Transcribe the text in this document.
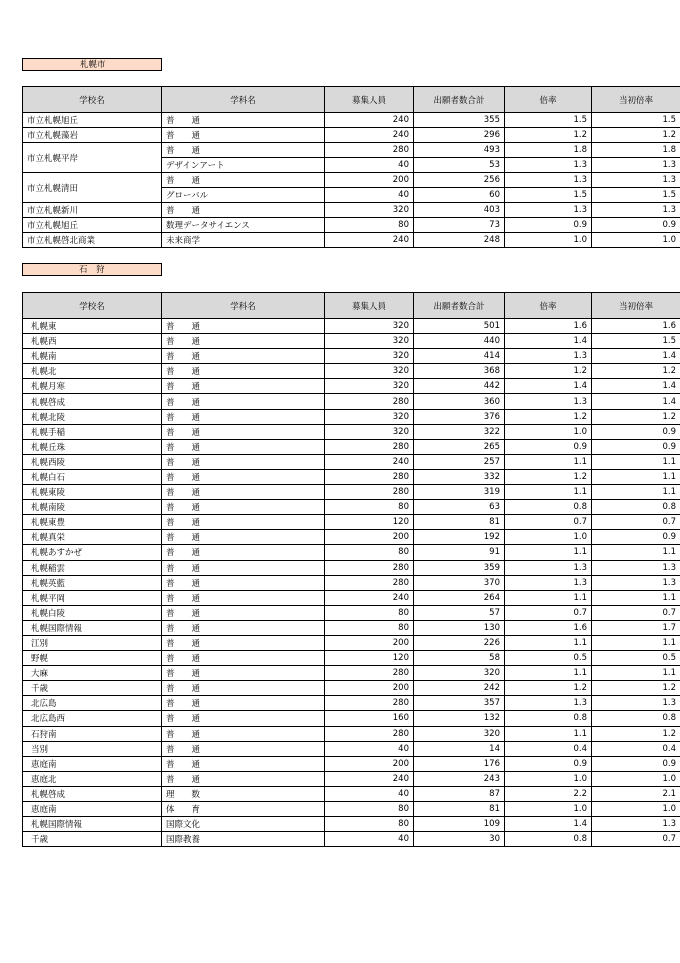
札幌市
学校名	学科名	募集人員	出願者数合計	倍率	当初倍率
市立札幌旭丘	普　　通	240	355	1.5	1.5
市立札幌藻岩	普　　通	240	296	1.2	1.2
市立札幌平岸	普　　通	280	493	1.8	1.8
	デザインアート	40	53	1.3	1.3
市立札幌清田	普　　通	200	256	1.3	1.3
	グローバル	40	60	1.5	1.5
市立札幌新川	普　　通	320	403	1.3	1.3
市立札幌旭丘	数理データサイエンス	80	73	0.9	0.9
市立札幌啓北商業	未来商学	240	248	1.0	1.0
石　狩
学校名	学科名	募集人員	出願者数合計	倍率	当初倍率
札幌東	普　　通	320	501	1.6	1.6
札幌西	普　　通	320	440	1.4	1.5
札幌南	普　　通	320	414	1.3	1.4
札幌北	普　　通	320	368	1.2	1.2
札幌月寒	普　　通	320	442	1.4	1.4
札幌啓成	普　　通	280	360	1.3	1.4
札幌北陵	普　　通	320	376	1.2	1.2
札幌手稲	普　　通	320	322	1.0	0.9
札幌丘珠	普　　通	280	265	0.9	0.9
札幌西陵	普　　通	240	257	1.1	1.1
札幌白石	普　　通	280	332	1.2	1.1
札幌東陵	普　　通	280	319	1.1	1.1
札幌南陵	普　　通	80	63	0.8	0.8
札幌東豊	普　　通	120	81	0.7	0.7
札幌真栄	普　　通	200	192	1.0	0.9
札幌あすかぜ	普　　通	80	91	1.1	1.1
札幌稲雲	普　　通	280	359	1.3	1.3
札幌英藍	普　　通	280	370	1.3	1.3
札幌平岡	普　　通	240	264	1.1	1.1
札幌白陵	普　　通	80	57	0.7	0.7
札幌国際情報	普　　通	80	130	1.6	1.7
江別	普　　通	200	226	1.1	1.1
野幌	普　　通	120	58	0.5	0.5
大麻	普　　通	280	320	1.1	1.1
千歳	普　　通	200	242	1.2	1.2
北広島	普　　通	280	357	1.3	1.3
北広島西	普　　通	160	132	0.8	0.8
石狩南	普　　通	280	320	1.1	1.2
当別	普　　通	40	14	0.4	0.4
恵庭南	普　　通	200	176	0.9	0.9
恵庭北	普　　通	240	243	1.0	1.0
札幌啓成	理　　数	40	87	2.2	2.1
恵庭南	体　　育	80	81	1.0	1.0
札幌国際情報	国際文化	80	109	1.4	1.3
千歳	国際教養	40	30	0.8	0.7
